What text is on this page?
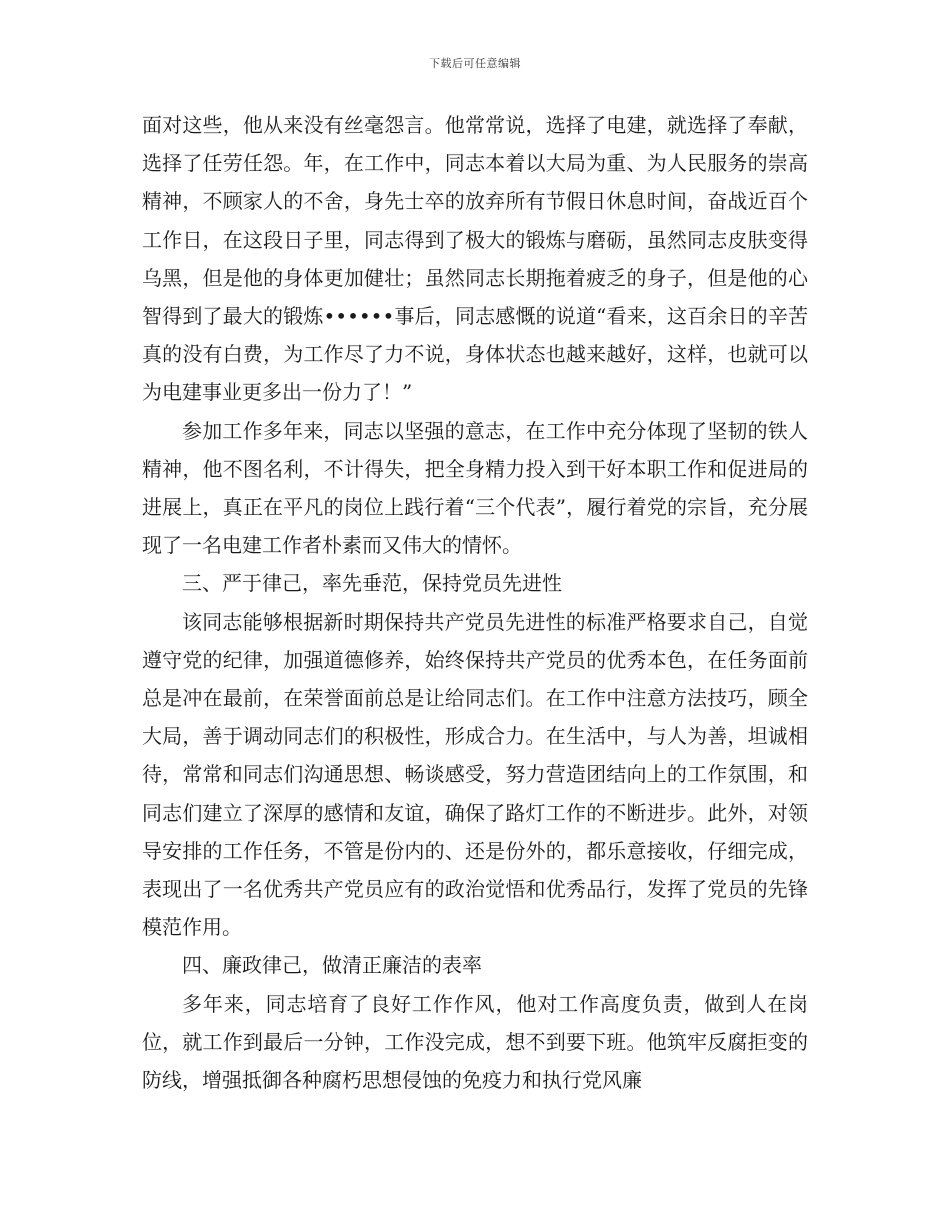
下载后可任意编辑

面对这些，他从来没有丝毫怨言。他常常说，选择了电建，就选择了奉献，选择了任劳任怨。年，在工作中，同志本着以大局为重、为人民服务的崇高精神，不顾家人的不舍，身先士卒的放弃所有节假日休息时间，奋战近百个工作日，在这段日子里，同志得到了极大的锻炼与磨砺，虽然同志皮肤变得乌黑，但是他的身体更加健壮；虽然同志长期拖着疲乏的身子，但是他的心智得到了最大的锻炼••••••事后，同志感慨的说道“看来，这百余日的辛苦真的没有白费，为工作尽了力不说，身体状态也越来越好，这样，也就可以为电建事业更多出一份力了！”

参加工作多年来，同志以坚强的意志，在工作中充分体现了坚韧的铁人精神，他不图名利，不计得失，把全身精力投入到干好本职工作和促进局的进展上，真正在平凡的岗位上践行着“三个代表”，履行着党的宗旨，充分展现了一名电建工作者朴素而又伟大的情怀。

三、严于律己，率先垂范，保持党员先进性

该同志能够根据新时期保持共产党员先进性的标准严格要求自己，自觉遵守党的纪律，加强道德修养，始终保持共产党员的优秀本色，在任务面前总是冲在最前，在荣誉面前总是让给同志们。在工作中注意方法技巧，顾全大局，善于调动同志们的积极性，形成合力。在生活中，与人为善，坦诚相待，常常和同志们沟通思想、畅谈感受，努力营造团结向上的工作氛围，和同志们建立了深厚的感情和友谊，确保了路灯工作的不断进步。此外，对领导安排的工作任务，不管是份内的、还是份外的，都乐意接收，仔细完成，表现出了一名优秀共产党员应有的政治觉悟和优秀品行，发挥了党员的先锋模范作用。

四、廉政律己，做清正廉洁的表率

多年来，同志培育了良好工作作风，他对工作高度负责，做到人在岗位，就工作到最后一分钟，工作没完成，想不到要下班。他筑牢反腐拒变的防线，增强抵御各种腐朽思想侵蚀的免疫力和执行党风廉
